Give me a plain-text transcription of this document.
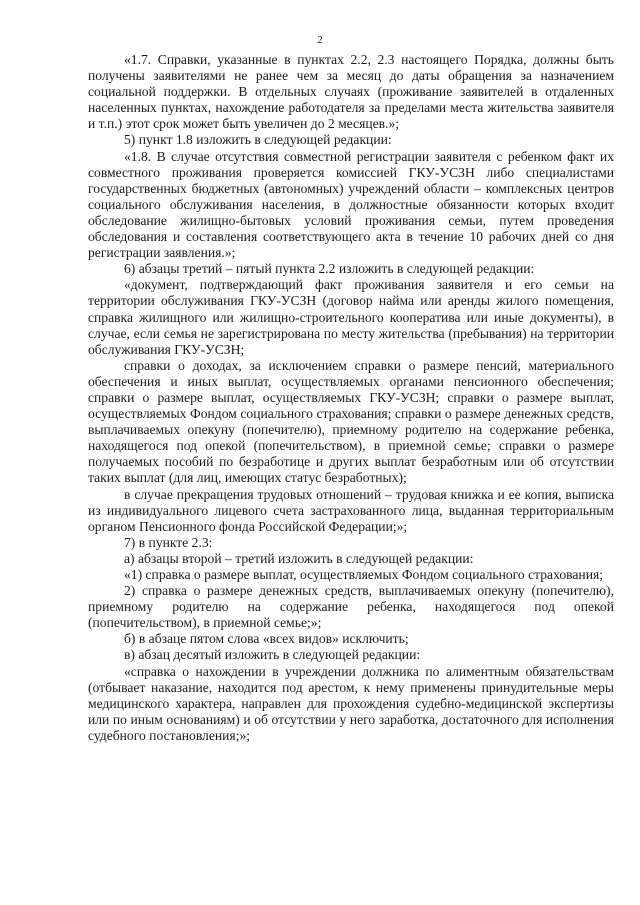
2

«1.7. Справки, указанные в пунктах 2.2, 2.3 настоящего Порядка, должны быть получены заявителями не ранее чем за месяц до даты обращения за назначением социальной поддержки. В отдельных случаях (проживание заявителей в отдаленных населенных пунктах, нахождение работодателя за пределами места жительства заявителя и т.п.) этот срок может быть увеличен до 2 месяцев.»;

5) пункт 1.8 изложить в следующей редакции:

«1.8. В случае отсутствия совместной регистрации заявителя с ребенком факт их совместного проживания проверяется комиссией ГКУ-УСЗН либо специалистами государственных бюджетных (автономных) учреждений области – комплексных центров социального обслуживания населения, в должностные обязанности которых входит обследование жилищно-бытовых условий проживания семьи, путем проведения обследования и составления соответствующего акта в течение 10 рабочих дней со дня регистрации заявления.»;

6) абзацы третий – пятый пункта 2.2 изложить в следующей редакции:

«документ, подтверждающий факт проживания заявителя и его семьи на территории обслуживания ГКУ-УСЗН (договор найма или аренды жилого помещения, справка жилищного или жилищно-строительного кооператива или иные документы), в случае, если семья не зарегистрирована по месту жительства (пребывания) на территории обслуживания ГКУ-УСЗН;

справки о доходах, за исключением справки о размере пенсий, материального обеспечения и иных выплат, осуществляемых органами пенсионного обеспечения; справки о размере выплат, осуществляемых ГКУ-УСЗН; справки о размере выплат, осуществляемых Фондом социального страхования; справки о размере денежных средств, выплачиваемых опекуну (попечителю), приемному родителю на содержание ребенка, находящегося под опекой (попечительством), в приемной семье; справки о размере получаемых пособий по безработице и других выплат безработным или об отсутствии таких выплат (для лиц, имеющих статус безработных);

в случае прекращения трудовых отношений – трудовая книжка и ее копия, выписка из индивидуального лицевого счета застрахованного лица, выданная территориальным органом Пенсионного фонда Российской Федерации;»;

7) в пункте 2.3:

а) абзацы второй – третий изложить в следующей редакции:

«1) справка о размере выплат, осуществляемых Фондом социального страхования;

2) справка о размере денежных средств, выплачиваемых опекуну (попечителю), приемному родителю на содержание ребенка, находящегося под опекой (попечительством), в приемной семье;»;

б) в абзаце пятом слова «всех видов» исключить;

в) абзац десятый изложить в следующей редакции:

«справка о нахождении в учреждении должника по алиментным обязательствам (отбывает наказание, находится под арестом, к нему применены принудительные меры медицинского характера, направлен для прохождения судебно-медицинской экспертизы или по иным основаниям) и об отсутствии у него заработка, достаточного для исполнения судебного постановления;»;
